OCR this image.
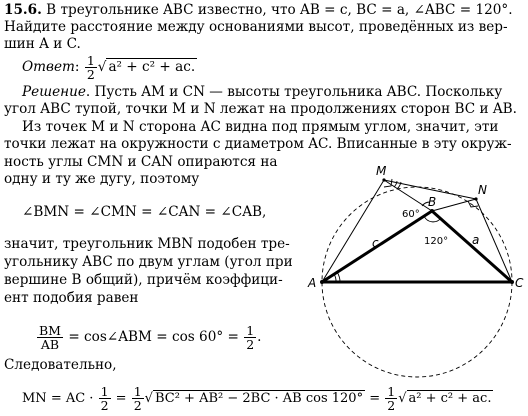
15.6. В треугольнике ABC известно, что AB = c, BC = a, ∠ABC = 120°.
Найдите расстояние между основаниями высот, проведённых из вер-
шин A и C.
Ответ: $\frac{1}{2}$ √ a² + c² + ac.
Решение. Пусть AM и CN — высоты треугольника ABC. Поскольку
угол ABC тупой, точки M и N лежат на продолжениях сторон BC и AB.
Из точек M и N сторона AC видна под прямым углом, значит, эти
точки лежат на окружности с диаметром AC. Вписанные в эту окруж-
ность углы CMN и CAN опираются на
одну и ту же дугу, поэтому
∠BMN = ∠CMN = ∠CAN = ∠CAB,
значит, треугольник MBN подобен тре-
угольнику ABC по двум углам (угол при
вершине B общий), причём коэффици-
ент подобия равен
$\frac{BM}{AB}$ = cos∠ABM = $\cos 60^\circ = \frac{1}{2}$ .
Следовательно,
MN = AC · $\frac{1}{2} = \frac{1}{2}$ √ BC² + AB² − 2BC · AB $\cos 120^\circ = \frac{1}{2}$ √ a² + c² + ac.
A	C
B
M
N
c	a
60°
120°
